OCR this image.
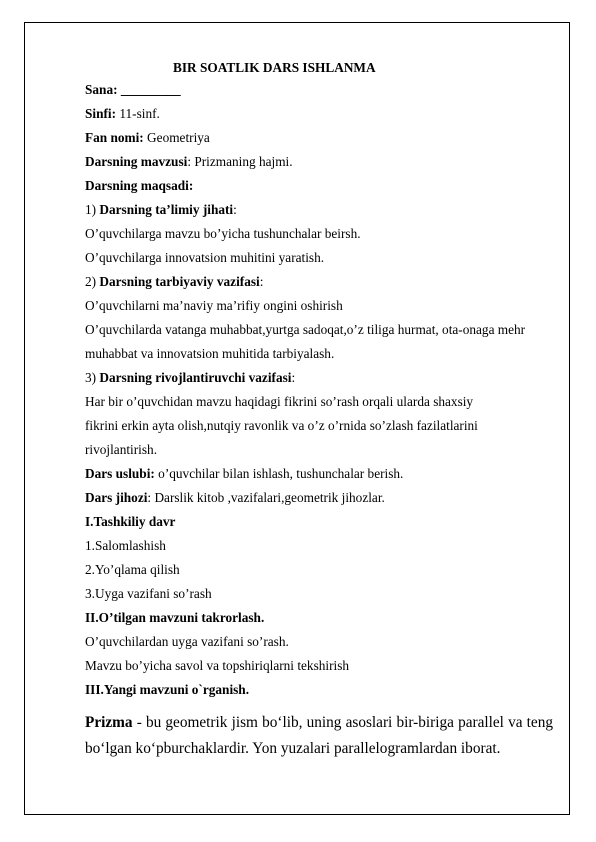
BIR SOATLIK DARS ISHLANMA
Sana: _________
Sinfi: 11-sinf.
Fan nomi: Geometriya
Darsning mavzusi: Prizmaning hajmi.
Darsning maqsadi:
1) Darsning ta’limiy jihati:
O’quvchilarga mavzu bo’yicha tushunchalar beirsh.
O’quvchilarga innovatsion muhitini yaratish.
2) Darsning tarbiyaviy vazifasi:
O’quvchilarni ma’naviy ma’rifiy ongini oshirish
O’quvchilarda vatanga muhabbat,yurtga sadoqat,o’z tiliga hurmat, ota-onaga mehr
muhabbat va innovatsion muhitida tarbiyalash.
3) Darsning rivojlantiruvchi vazifasi:
Har bir o’quvchidan mavzu haqidagi fikrini so’rash orqali ularda shaxsiy
fikrini erkin ayta olish,nutqiy ravonlik va o’z o’rnida so’zlash fazilatlarini
rivojlantirish.
Dars uslubi: o’quvchilar bilan ishlash, tushunchalar berish.
Dars jihozi: Darslik kitob ,vazifalari,geometrik jihozlar.
I.Tashkiliy davr
1.Salomlashish
2.Yo’qlama qilish
3.Uyga vazifani so’rash
II.O’tilgan mavzuni takrorlash.
O’quvchilardan uyga vazifani so’rash.
Mavzu bo’yicha savol va topshiriqlarni tekshirish
III.Yangi mavzuni o`rganish.
Prizma - bu geometrik jism bo‘lib, uning asoslari bir-biriga parallel va teng bo‘lgan ko‘pburchaklardir. Yon yuzalari parallelogramlardan iborat.
